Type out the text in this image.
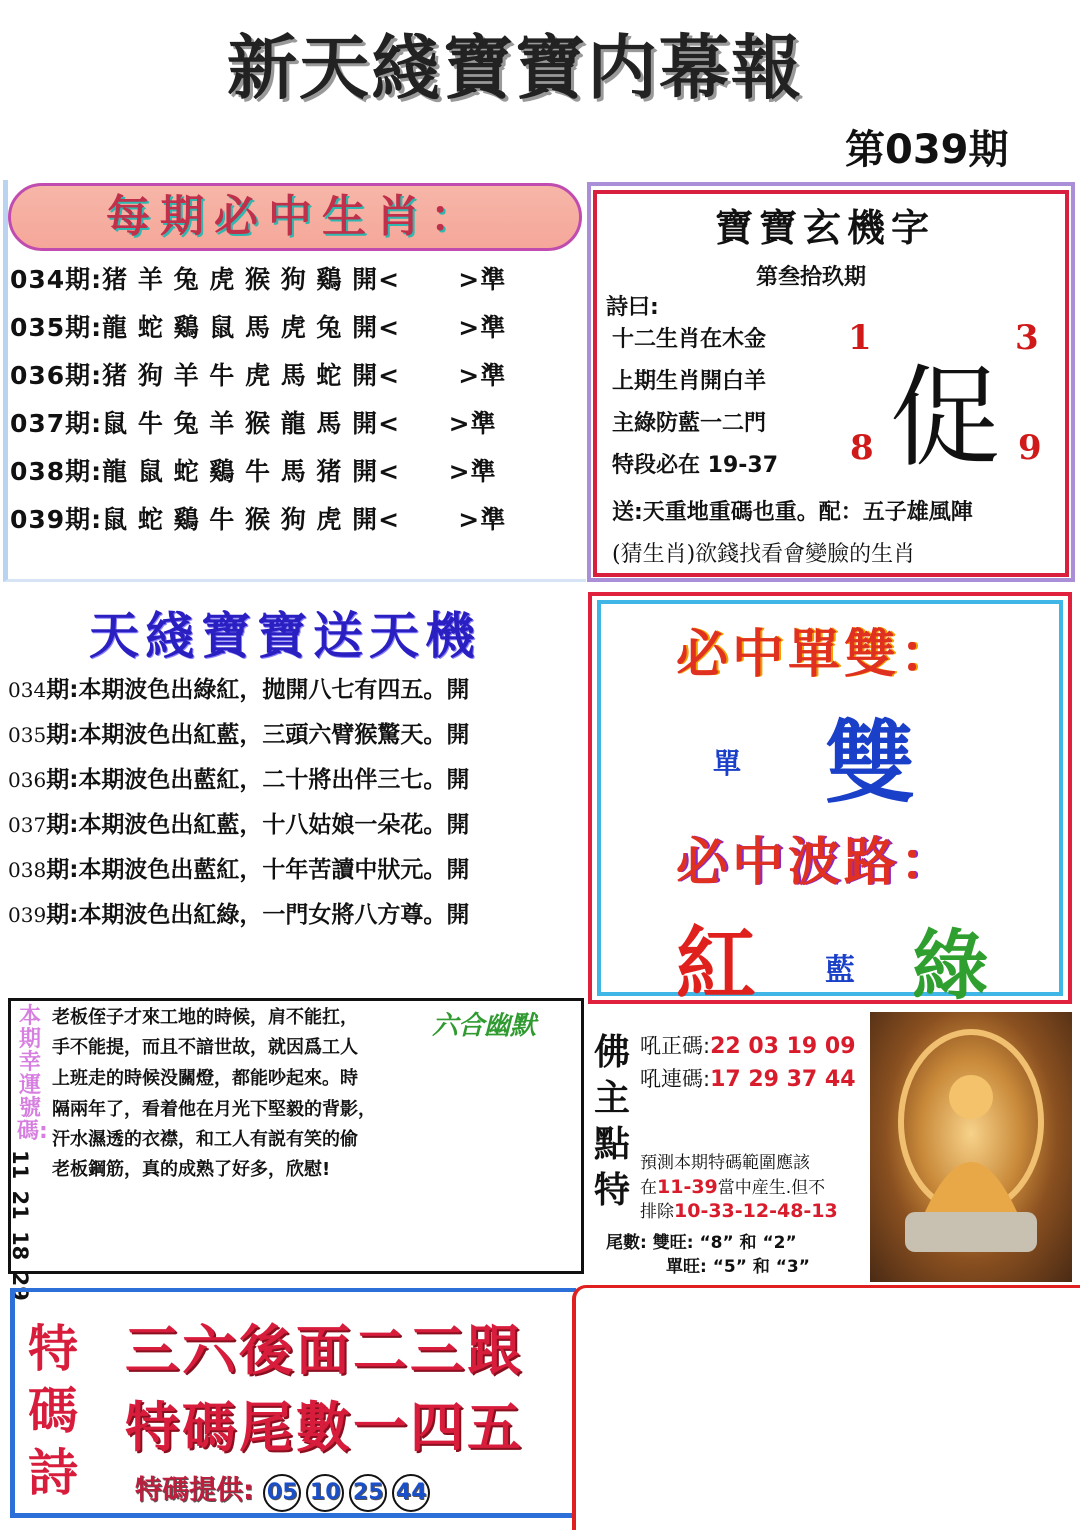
新天綫寶寶内幕報
第039期
每期必中生肖：
034期:猪 羊 兔 虎 猴 狗 鷄 開<      >準
035期:龍 蛇 鷄 鼠 馬 虎 兔 開<      >準
036期:猪 狗 羊 牛 虎 馬 蛇 開<      >準
037期:鼠 牛 兔 羊 猴 龍 馬 開<     >準
038期:龍 鼠 蛇 鷄 牛 馬 猪 開<     >準
039期:鼠 蛇 鷄 牛 猴 狗 虎 開<      >準
寶寶玄機字
第叁拾玖期
詩曰:
十二生肖在木金
上期生肖開白羊
主綠防藍一二門
特段必在 19-37
1	3
8	9
促
送:天重地重碼也重。配：五子雄風陣
(猜生肖)欲錢找看會變臉的生肖
天綫寶寶送天機
034期:本期波色出綠紅，抛開八七有四五。開
035期:本期波色出紅藍，三頭六臂猴驚天。開
036期:本期波色出藍紅，二十將出伴三七。開
037期:本期波色出紅藍，十八姑娘一朵花。開
038期:本期波色出藍紅，十年苦讀中狀元。開
039期:本期波色出紅綠，一門女將八方尊。開
必中單雙：
單 雙
必中波路：
紅 藍 綠
本期幸運號碼:
11 21 18 29
六合幽默
老板侄子才來工地的時候，肩不能扛，
手不能提，而且不諳世故，就因爲工人
上班走的時候没關燈，都能吵起來。時
隔兩年了，看着他在月光下堅毅的背影，
汗水濕透的衣襟，和工人有説有笑的偷
老板鋼筋，真的成熟了好多，欣慰!
佛主點特
吼正碼:22 03 19 09
吼連碼:17 29 37 44
預測本期特碼範圍應該
在11-39當中産生.但不
排除10-33-12-48-13
尾數: 雙旺: “8” 和 “2”
單旺: “5” 和 “3”
特碼詩
三六後面二三跟
特碼尾數一四五
特碼提供: 05 10 25 44
